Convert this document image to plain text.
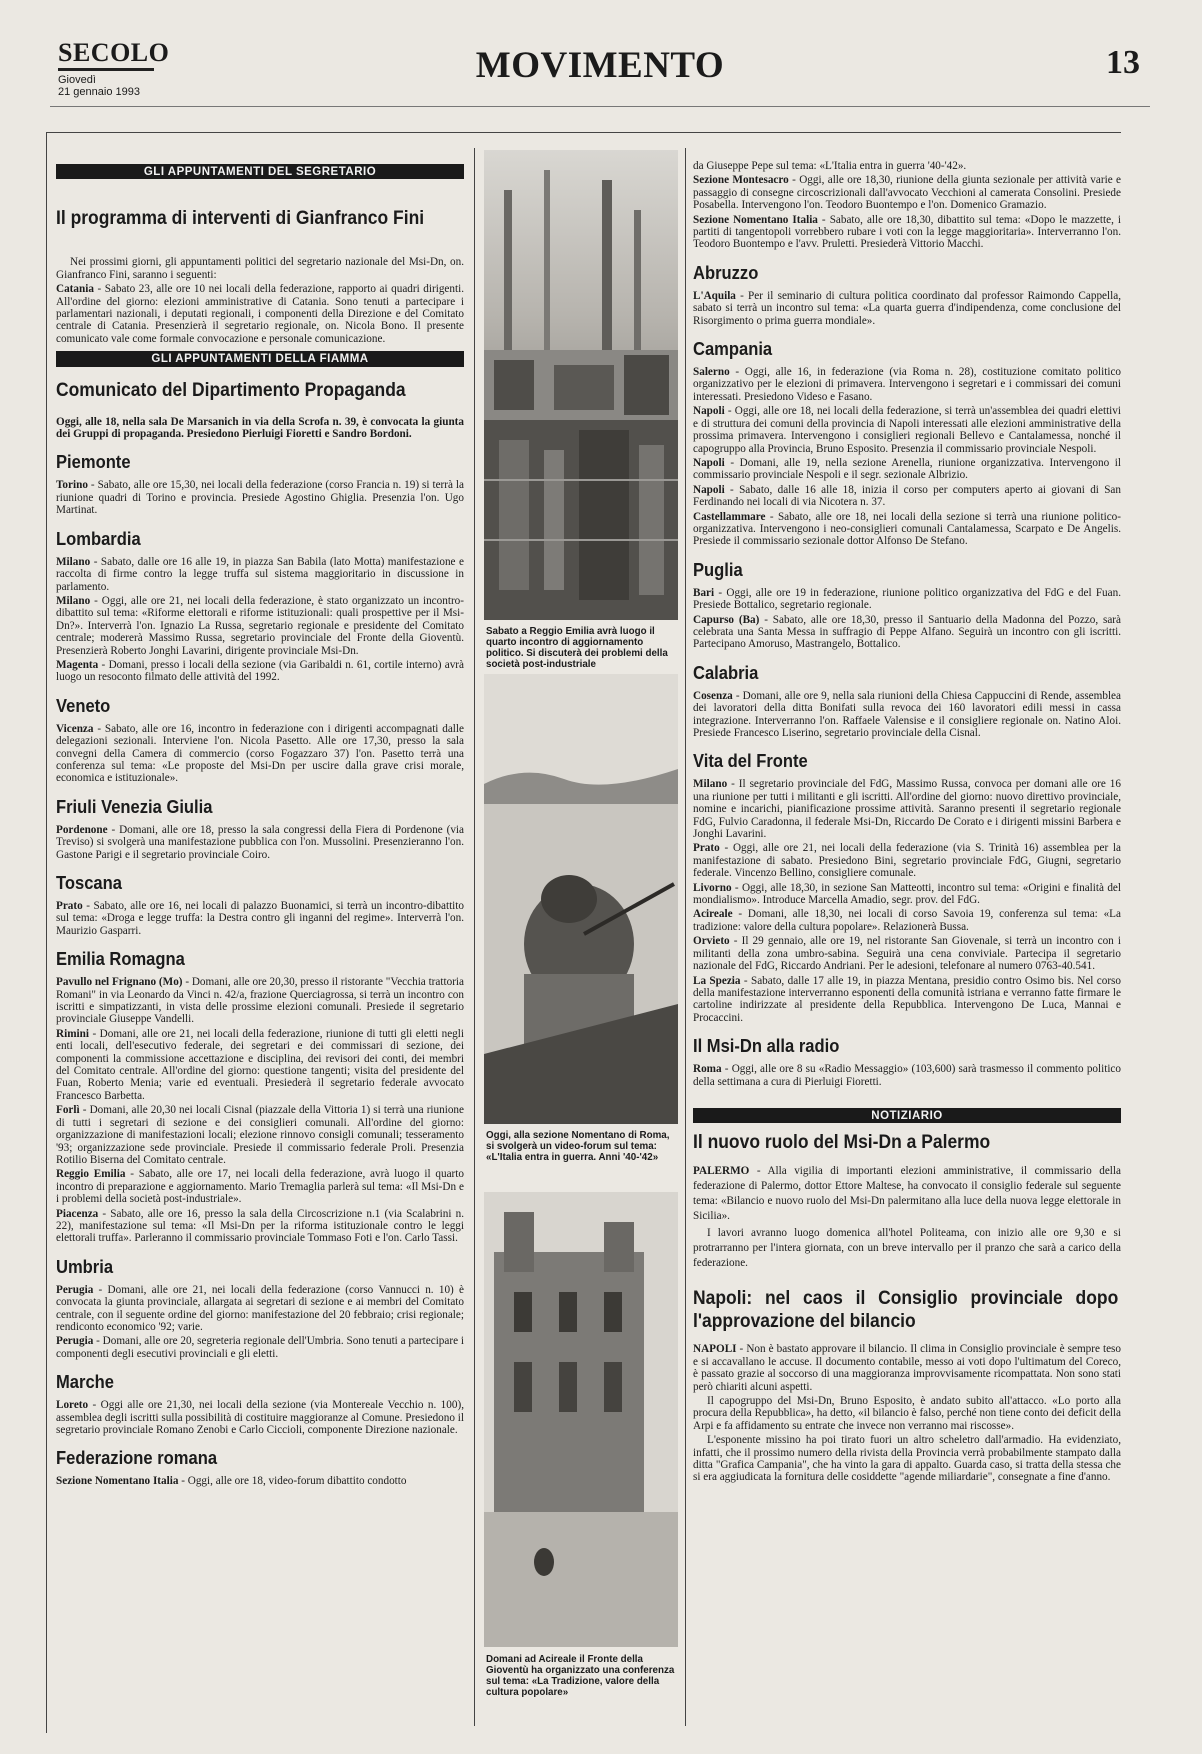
SECOLO
Giovedì
21 gennaio 1993
MOVIMENTO	13
GLI APPUNTAMENTI DEL SEGRETARIO
Il programma di interventi di Gianfranco Fini

Nei prossimi giorni, gli appuntamenti politici del segretario nazionale del Msi-Dn, on. Gianfranco Fini, saranno i seguenti:

Catania - Sabato 23, alle ore 10 nei locali della federazione, rapporto ai quadri dirigenti. All'ordine del giorno: elezioni amministrative di Catania. Sono tenuti a partecipare i parlamentari nazionali, i deputati regionali, i componenti della Direzione e del Comitato centrale di Catania. Presenzierà il segretario regionale, on. Nicola Bono. Il presente comunicato vale come formale convocazione e personale comunicazione.

GLI APPUNTAMENTI DELLA FIAMMA
Comunicato del Dipartimento Propaganda

Oggi, alle 18, nella sala De Marsanich in via della Scrofa n. 39, è convocata la giunta dei Gruppi di propaganda. Presiedono Pierluigi Fioretti e Sandro Bordoni.

Piemonte

Torino - Sabato, alle ore 15,30, nei locali della federazione (corso Francia n. 19) si terrà la riunione quadri di Torino e provincia. Presiede Agostino Ghiglia. Presenzia l'on. Ugo Martinat.

Lombardia

Milano - Sabato, dalle ore 16 alle 19, in piazza San Babila (lato Motta) manifestazione e raccolta di firme contro la legge truffa sul sistema maggioritario in discussione in parlamento.

Milano - Oggi, alle ore 21, nei locali della federazione, è stato organizzato un incontro-dibattito sul tema: «Riforme elettorali e riforme istituzionali: quali prospettive per il Msi-Dn?». Interverrà l'on. Ignazio La Russa, segretario regionale e presidente del Comitato centrale; modererà Massimo Russa, segretario provinciale del Fronte della Gioventù. Presenzierà Roberto Jonghi Lavarini, dirigente provinciale Msi-Dn.

Magenta - Domani, presso i locali della sezione (via Garibaldi n. 61, cortile interno) avrà luogo un resoconto filmato delle attività del 1992.

Veneto

Vicenza - Sabato, alle ore 16, incontro in federazione con i dirigenti accompagnati dalle delegazioni sezionali. Interviene l'on. Nicola Pasetto. Alle ore 17,30, presso la sala convegni della Camera di commercio (corso Fogazzaro 37) l'on. Pasetto terrà una conferenza sul tema: «Le proposte del Msi-Dn per uscire dalla grave crisi morale, economica e istituzionale».

Friuli Venezia Giulia

Pordenone - Domani, alle ore 18, presso la sala congressi della Fiera di Pordenone (via Treviso) si svolgerà una manifestazione pubblica con l'on. Mussolini. Presenzieranno l'on. Gastone Parigi e il segretario provinciale Coiro.

Toscana

Prato - Sabato, alle ore 16, nei locali di palazzo Buonamici, si terrà un incontro-dibattito sul tema: «Droga e legge truffa: la Destra contro gli inganni del regime». Interverrà l'on. Maurizio Gasparri.

Emilia Romagna

Pavullo nel Frignano (Mo) - Domani, alle ore 20,30, presso il ristorante "Vecchia trattoria Romani" in via Leonardo da Vinci n. 42/a, frazione Querciagrossa, si terrà un incontro con iscritti e simpatizzanti, in vista delle prossime elezioni comunali. Presiede il segretario provinciale Giuseppe Vandelli.

Rimini - Domani, alle ore 21, nei locali della federazione, riunione di tutti gli eletti negli enti locali, dell'esecutivo federale, dei segretari e dei commissari di sezione, dei componenti la commissione accettazione e disciplina, dei revisori dei conti, dei membri del Comitato centrale. All'ordine del giorno: questione tangenti; visita del presidente del Fuan, Roberto Menia; varie ed eventuali. Presiederà il segretario federale avvocato Francesco Barbetta.

Forlì - Domani, alle 20,30 nei locali Cisnal (piazzale della Vittoria 1) si terrà una riunione di tutti i segretari di sezione e dei consiglieri comunali. All'ordine del giorno: organizzazione di manifestazioni locali; elezione rinnovo consigli comunali; tesseramento '93; organizzazione sede provinciale. Presiede il commissario federale Proli. Presenzia Rotilio Biserna del Comitato centrale.

Reggio Emilia - Sabato, alle ore 17, nei locali della federazione, avrà luogo il quarto incontro di preparazione e aggiornamento. Mario Tremaglia parlerà sul tema: «Il Msi-Dn e i problemi della società post-industriale».

Piacenza - Sabato, alle ore 16, presso la sala della Circoscrizione n.1 (via Scalabrini n. 22), manifestazione sul tema: «Il Msi-Dn per la riforma istituzionale contro le leggi elettorali truffa». Parleranno il commissario provinciale Tommaso Foti e l'on. Carlo Tassi.

Umbria

Perugia - Domani, alle ore 21, nei locali della federazione (corso Vannucci n. 10) è convocata la giunta provinciale, allargata ai segretari di sezione e ai membri del Comitato centrale, con il seguente ordine del giorno: manifestazione del 20 febbraio; crisi regionale; rendiconto economico '92; varie.

Perugia - Domani, alle ore 20, segreteria regionale dell'Umbria. Sono tenuti a partecipare i componenti degli esecutivi provinciali e gli eletti.

Marche

Loreto - Oggi alle ore 21,30, nei locali della sezione (via Montereale Vecchio n. 100), assemblea degli iscritti sulla possibilità di costituire maggioranze al Comune. Presiedono il segretario provinciale Romano Zenobi e Carlo Ciccioli, componente Direzione nazionale.

Federazione romana

Sezione Nomentano Italia - Oggi, alle ore 18, video-forum dibattito condotto

Sabato a Reggio Emilia avrà luogo il quarto incontro di aggiornamento politico. Si discuterà dei problemi della società post-industriale
Oggi, alla sezione Nomentano di Roma, si svolgerà un video-forum sul tema: «L'Italia entra in guerra. Anni '40-'42»
Domani ad Acireale il Fronte della Gioventù ha organizzato una conferenza sul tema: «La Tradizione, valore della cultura popolare»

da Giuseppe Pepe sul tema: «L'Italia entra in guerra '40-'42».

Sezione Montesacro - Oggi, alle ore 18,30, riunione della giunta sezionale per attività varie e passaggio di consegne circoscrizionali dall'avvocato Vecchioni al camerata Consolini. Presiede Posabella. Intervengono l'on. Teodoro Buontempo e l'on. Domenico Gramazio.

Sezione Nomentano Italia - Sabato, alle ore 18,30, dibattito sul tema: «Dopo le mazzette, i partiti di tangentopoli vorrebbero rubare i voti con la legge maggioritaria». Interverranno l'on. Teodoro Buontempo e l'avv. Pruletti. Presiederà Vittorio Macchi.

Abruzzo

L'Aquila - Per il seminario di cultura politica coordinato dal professor Raimondo Cappella, sabato si terrà un incontro sul tema: «La quarta guerra d'indipendenza, come conclusione del Risorgimento o prima guerra mondiale».

Campania

Salerno - Oggi, alle 16, in federazione (via Roma n. 28), costituzione comitato politico organizzativo per le elezioni di primavera. Intervengono i segretari e i commissari dei comuni interessati. Presiedono Videso e Fasano.

Napoli - Oggi, alle ore 18, nei locali della federazione, si terrà un'assemblea dei quadri elettivi e di struttura dei comuni della provincia di Napoli interessati alle elezioni amministrative della prossima primavera. Intervengono i consiglieri regionali Bellevo e Cantalamessa, nonché il capogruppo alla Provincia, Bruno Esposito. Presenzia il commissario provinciale Nespoli.

Napoli - Domani, alle 19, nella sezione Arenella, riunione organizzativa. Intervengono il commissario provinciale Nespoli e il segr. sezionale Albrizio.

Napoli - Sabato, dalle 16 alle 18, inizia il corso per computers aperto ai giovani di San Ferdinando nei locali di via Nicotera n. 37.

Castellammare - Sabato, alle ore 18, nei locali della sezione si terrà una riunione politico-organizzativa. Intervengono i neo-consiglieri comunali Cantalamessa, Scarpato e De Angelis. Presiede il commissario sezionale dottor Alfonso De Stefano.

Puglia

Bari - Oggi, alle ore 19 in federazione, riunione politico organizzativa del FdG e del Fuan. Presiede Bottalico, segretario regionale.

Capurso (Ba) - Sabato, alle ore 18,30, presso il Santuario della Madonna del Pozzo, sarà celebrata una Santa Messa in suffragio di Peppe Alfano. Seguirà un incontro con gli iscritti. Partecipano Amoruso, Mastrangelo, Bottalico.

Calabria

Cosenza - Domani, alle ore 9, nella sala riunioni della Chiesa Cappuccini di Rende, assemblea dei lavoratori della ditta Bonifati sulla revoca dei 160 lavoratori edili messi in cassa integrazione. Interverranno l'on. Raffaele Valensise e il consigliere regionale on. Natino Aloi. Presiede Francesco Liserino, segretario provinciale della Cisnal.

Vita del Fronte

Milano - Il segretario provinciale del FdG, Massimo Russa, convoca per domani alle ore 16 una riunione per tutti i militanti e gli iscritti. All'ordine del giorno: nuovo direttivo provinciale, nomine e incarichi, pianificazione prossime attività. Saranno presenti il segretario regionale FdG, Fulvio Caradonna, il federale Msi-Dn, Riccardo De Corato e i dirigenti missini Barbera e Jonghi Lavarini.

Prato - Oggi, alle ore 21, nei locali della federazione (via S. Trinità 16) assemblea per la manifestazione di sabato. Presiedono Bini, segretario provinciale FdG, Giugni, segretario federale. Vincenzo Bellino, consigliere comunale.

Livorno - Oggi, alle 18,30, in sezione San Matteotti, incontro sul tema: «Origini e finalità del mondialismo». Introduce Marcella Amadio, segr. prov. del FdG.

Acireale - Domani, alle 18,30, nei locali di corso Savoia 19, conferenza sul tema: «La tradizione: valore della cultura popolare». Relazionerà Bussa.

Orvieto - Il 29 gennaio, alle ore 19, nel ristorante San Giovenale, si terrà un incontro con i militanti della zona umbro-sabina. Seguirà una cena conviviale. Partecipa il segretario nazionale del FdG, Riccardo Andriani. Per le adesioni, telefonare al numero 0763-40.541.

La Spezia - Sabato, dalle 17 alle 19, in piazza Mentana, presidio contro Osimo bis. Nel corso della manifestazione interverranno esponenti della comunità istriana e verranno fatte firmare le cartoline indirizzate al presidente della Repubblica. Intervengono De Luca, Mannai e Procaccini.

Il Msi-Dn alla radio

Roma - Oggi, alle ore 8 su «Radio Messaggio» (103,600) sarà trasmesso il commento politico della settimana a cura di Pierluigi Fioretti.

NOTIZIARIO
Il nuovo ruolo del Msi-Dn a Palermo

PALERMO - Alla vigilia di importanti elezioni amministrative, il commissario della federazione di Palermo, dottor Ettore Maltese, ha convocato il consiglio federale sul seguente tema: «Bilancio e nuovo ruolo del Msi-Dn palermitano alla luce della nuova legge elettorale in Sicilia».

I lavori avranno luogo domenica all'hotel Politeama, con inizio alle ore 9,30 e si protrarranno per l'intera giornata, con un breve intervallo per il pranzo che sarà a carico della federazione.

Napoli: nel caos il Consiglio provinciale dopo l'approvazione del bilancio

NAPOLI - Non è bastato approvare il bilancio. Il clima in Consiglio provinciale è sempre teso e si accavallano le accuse. Il documento contabile, messo ai voti dopo l'ultimatum del Coreco, è passato grazie al soccorso di una maggioranza improvvisamente ricompattata. Non sono stati però chiariti alcuni aspetti.

Il capogruppo del Msi-Dn, Bruno Esposito, è andato subito all'attacco. «Lo porto alla procura della Repubblica», ha detto, «il bilancio è falso, perché non tiene conto dei deficit della Arpi e fa affidamento su entrate che invece non verranno mai riscosse».

L'esponente missino ha poi tirato fuori un altro scheletro dall'armadio. Ha evidenziato, infatti, che il prossimo numero della rivista della Provincia verrà probabilmente stampato dalla ditta "Grafica Campania", che ha vinto la gara di appalto. Guarda caso, si tratta della stessa che si era aggiudicata la fornitura delle cosiddette "agende miliardarie", consegnate a fine d'anno.
